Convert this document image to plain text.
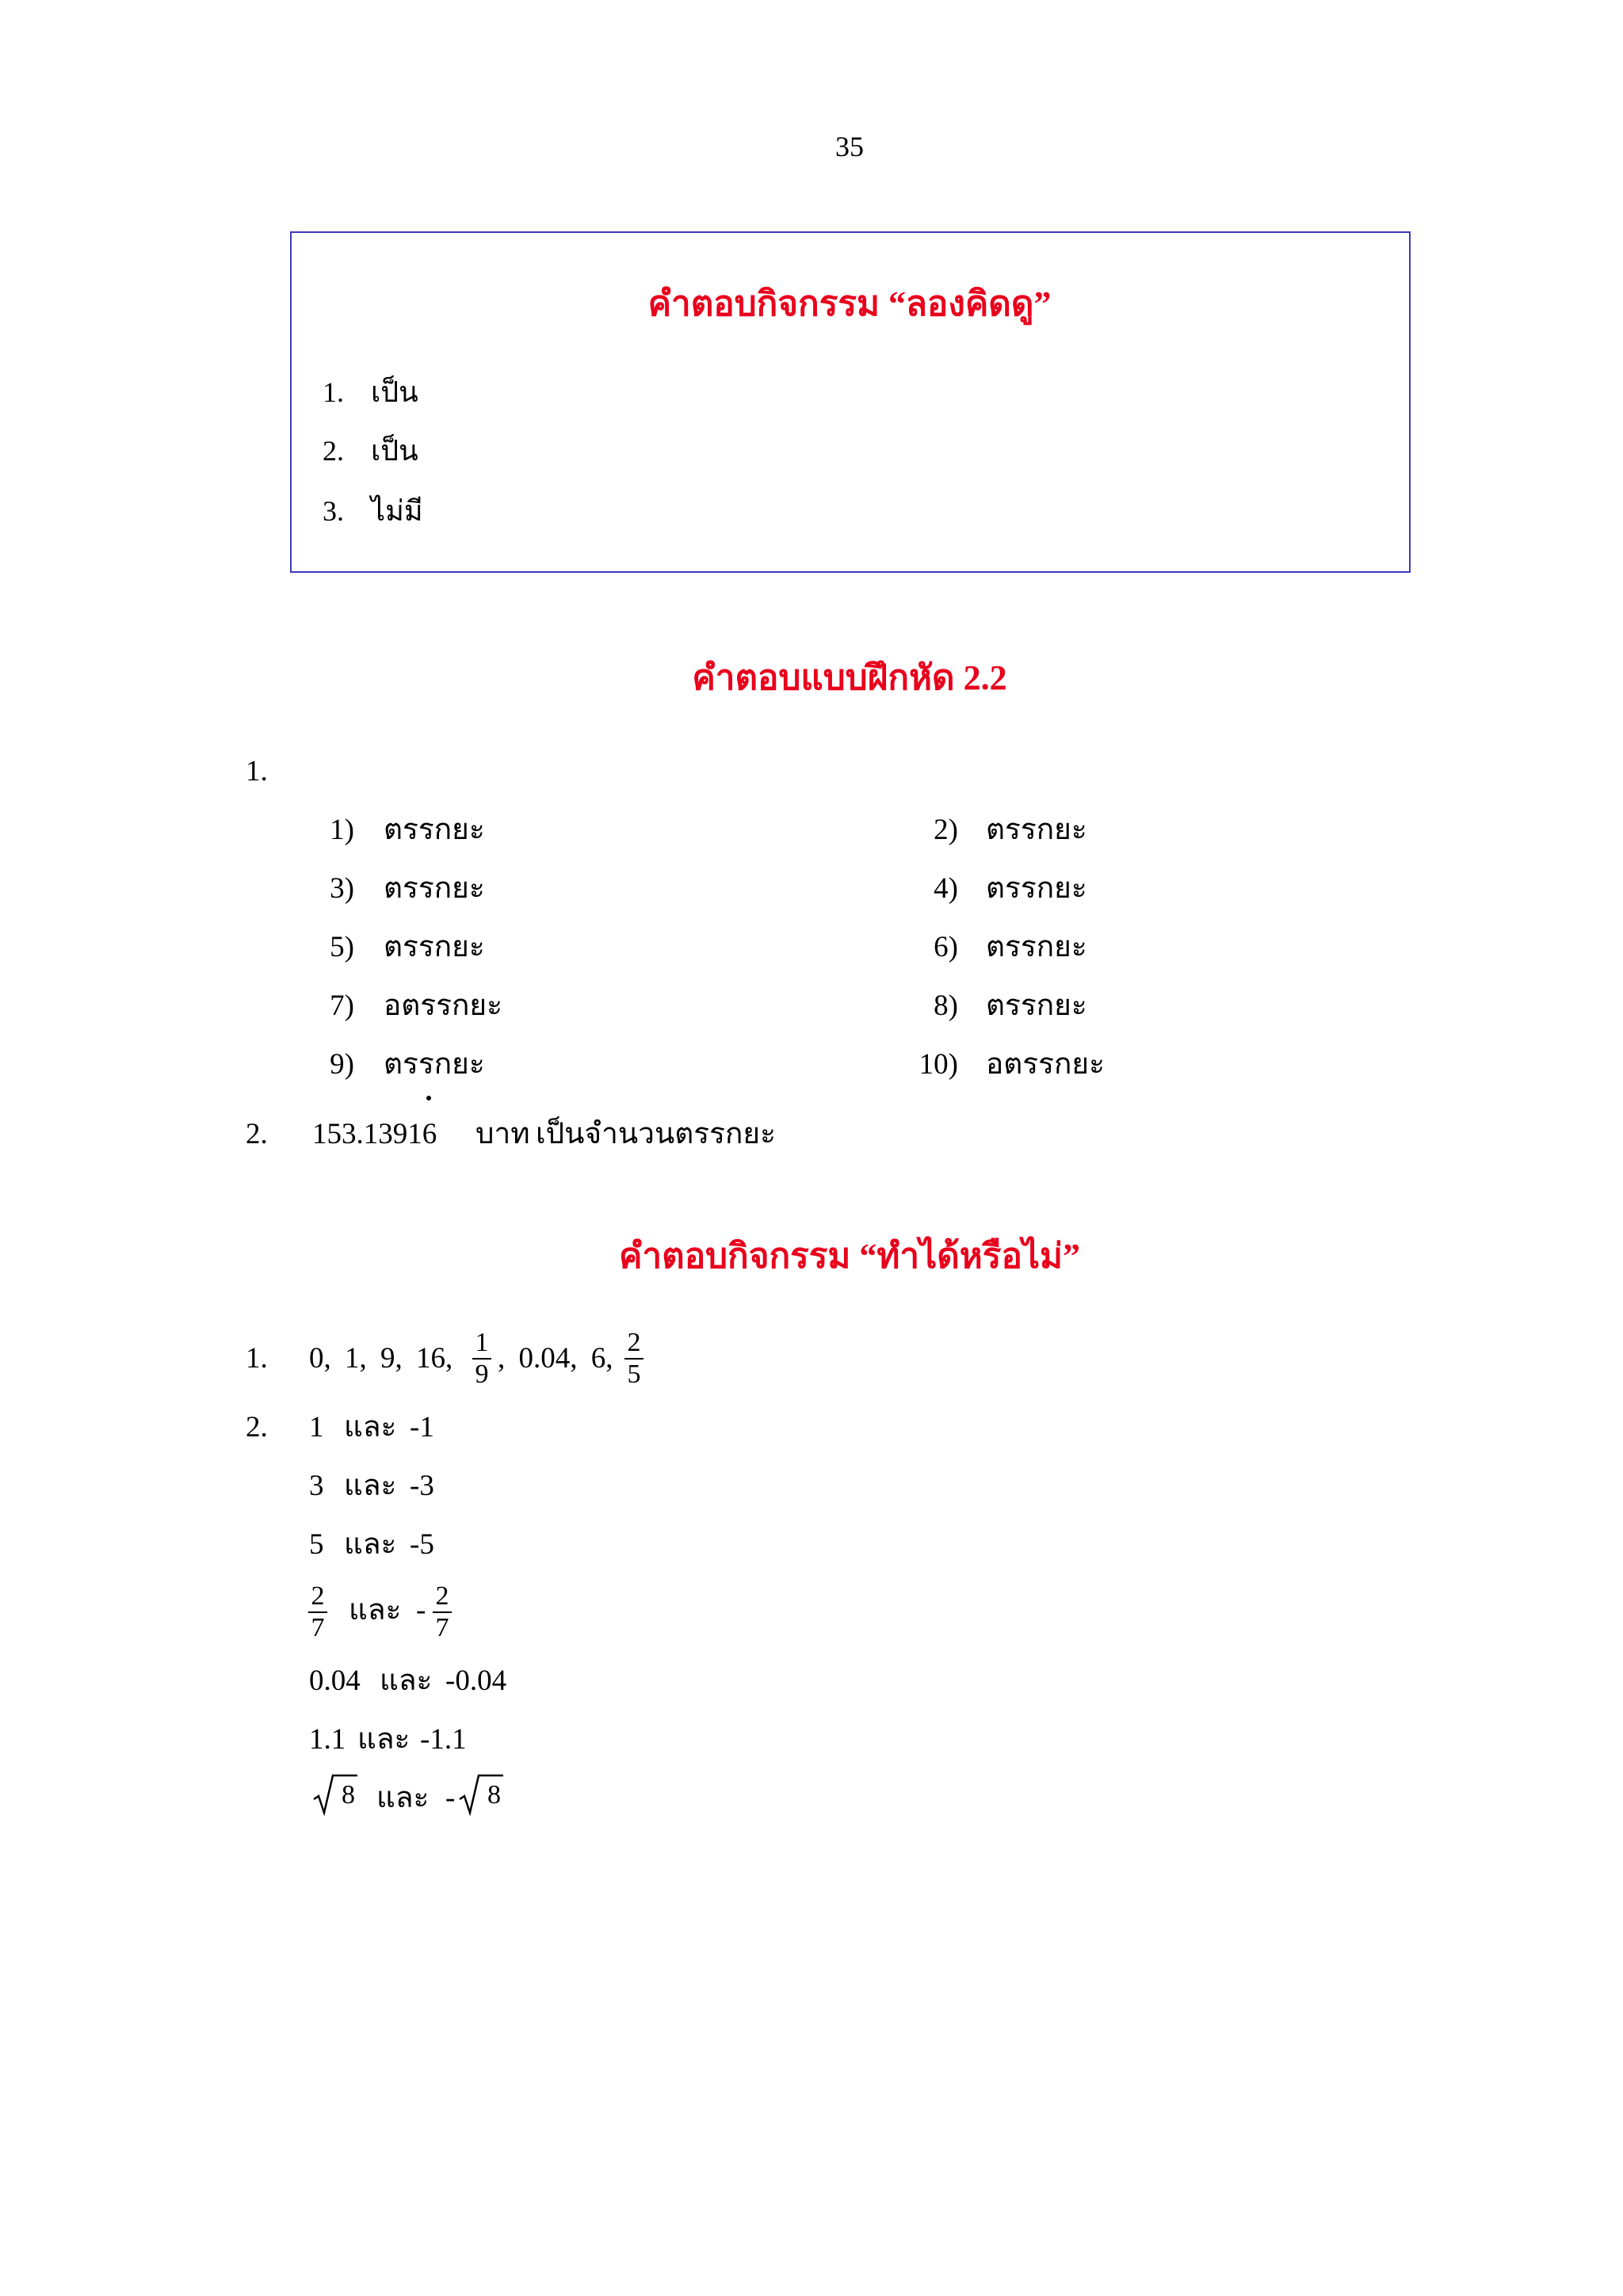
35
คำตอบกิจกรรม “ลองคิดดู”
1. เป็น
2. เป็น
3. ไม่มี
คำตอบแบบฝึกหัด 2.2
1.
1) ตรรกยะ	2) ตรรกยะ
3) ตรรกยะ	4) ตรรกยะ
5) ตรรกยะ	6) ตรรกยะ
7) อตรรกยะ	8) ตรรกยะ
9) ตรรกยะ	10) อตรรกยะ
2. 153.13916 บาท เป็นจำนวนตรรกยะ
คำตอบกิจกรรม “ทำได้หรือไม่”
1. 0, 1, 9, 16, 1
9 , 0.04, 6, 2
5
2. 1 และ -1
3 และ -3
5 และ -5
2
7
และ - 2
7
0.04 และ -0.04
1.1 และ -1.1
8 และ - 8
